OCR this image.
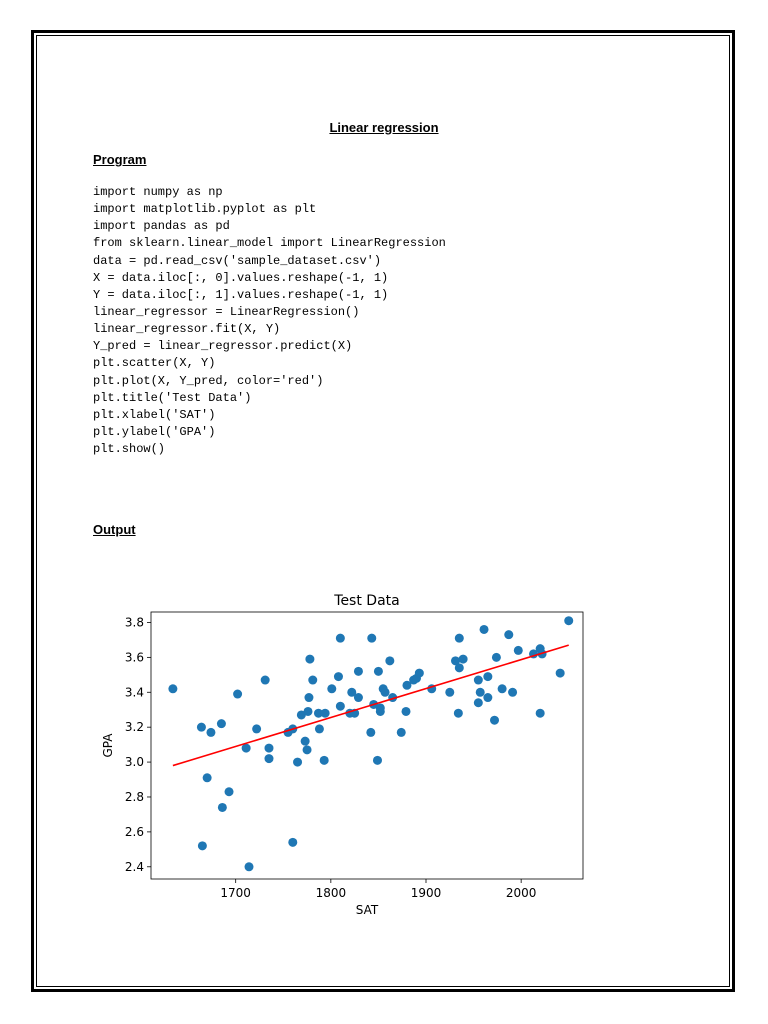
Linear regression
Program
import numpy as np
import matplotlib.pyplot as plt
import pandas as pd
from sklearn.linear_model import LinearRegression
data = pd.read_csv('sample_dataset.csv')
X = data.iloc[:, 0].values.reshape(-1, 1)
Y = data.iloc[:, 1].values.reshape(-1, 1)
linear_regressor = LinearRegression()
linear_regressor.fit(X, Y)
Y_pred = linear_regressor.predict(X)
plt.scatter(X, Y)
plt.plot(X, Y_pred, color='red')
plt.title('Test Data')
plt.xlabel('SAT')
plt.ylabel('GPA')
plt.show()
Output
Test Data
1700	1800	1900	2000
2.4
2.6
2.8
3.0
3.2
3.4
3.6
3.8
SAT
GPA
